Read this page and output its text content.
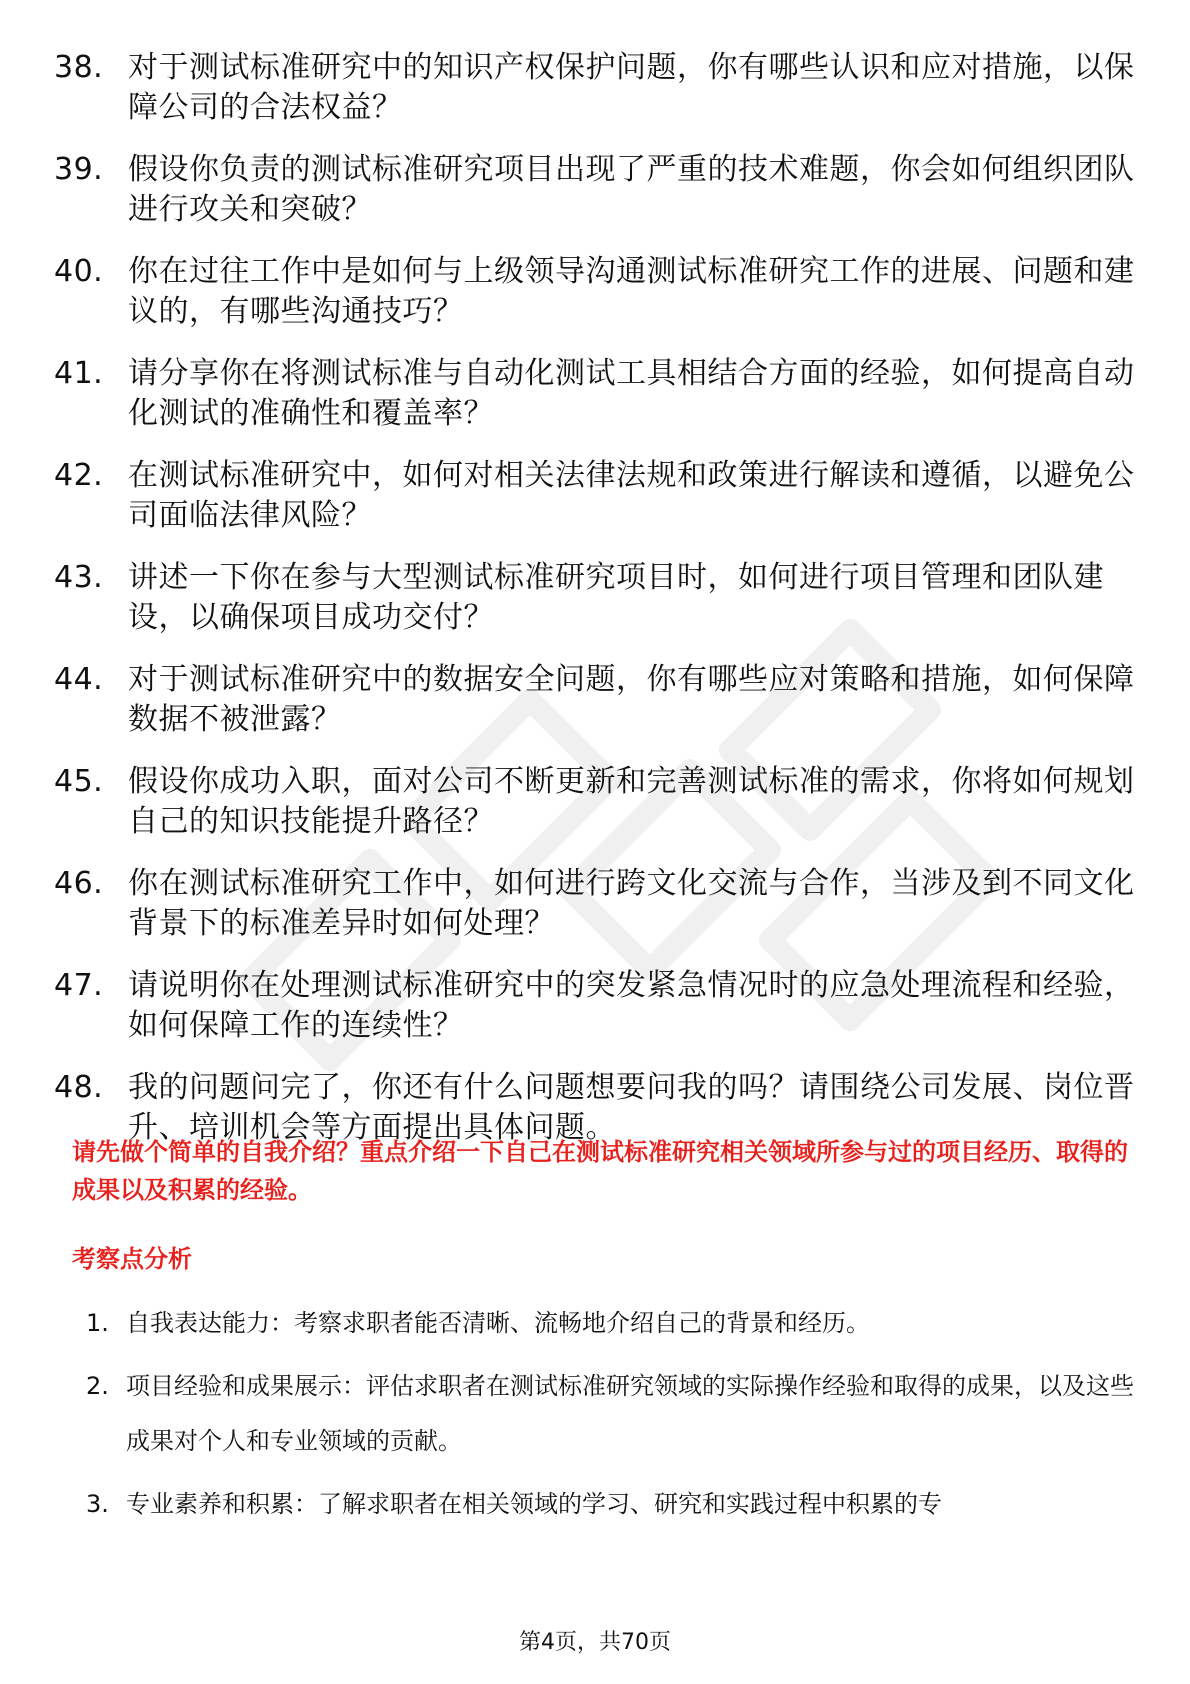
38. 对于测试标准研究中的知识产权保护问题，你有哪些认识和应对措施，以保障公司的合法权益？
39. 假设你负责的测试标准研究项目出现了严重的技术难题，你会如何组织团队进行攻关和突破？
40. 你在过往工作中是如何与上级领导沟通测试标准研究工作的进展、问题和建议的，有哪些沟通技巧？
41. 请分享你在将测试标准与自动化测试工具相结合方面的经验，如何提高自动化测试的准确性和覆盖率？
42. 在测试标准研究中，如何对相关法律法规和政策进行解读和遵循，以避免公司面临法律风险？
43. 讲述一下你在参与大型测试标准研究项目时，如何进行项目管理和团队建设，以确保项目成功交付？
44. 对于测试标准研究中的数据安全问题，你有哪些应对策略和措施，如何保障数据不被泄露？
45. 假设你成功入职，面对公司不断更新和完善测试标准的需求，你将如何规划自己的知识技能提升路径？
46. 你在测试标准研究工作中，如何进行跨文化交流与合作，当涉及到不同文化背景下的标准差异时如何处理？
47. 请说明你在处理测试标准研究中的突发紧急情况时的应急处理流程和经验，如何保障工作的连续性？
48. 我的问题问完了，你还有什么问题想要问我的吗？请围绕公司发展、岗位晋升、培训机会等方面提出具体问题。

请先做个简单的自我介绍？重点介绍一下自己在测试标准研究相关领域所参与过的项目经历、取得的成果以及积累的经验。

考察点分析
1. 自我表达能力：考察求职者能否清晰、流畅地介绍自己的背景和经历。
2. 项目经验和成果展示：评估求职者在测试标准研究领域的实际操作经验和取得的成果，以及这些成果对个人和专业领域的贡献。
3. 专业素养和积累：了解求职者在相关领域的学习、研究和实践过程中积累的专
第4页，共70页
